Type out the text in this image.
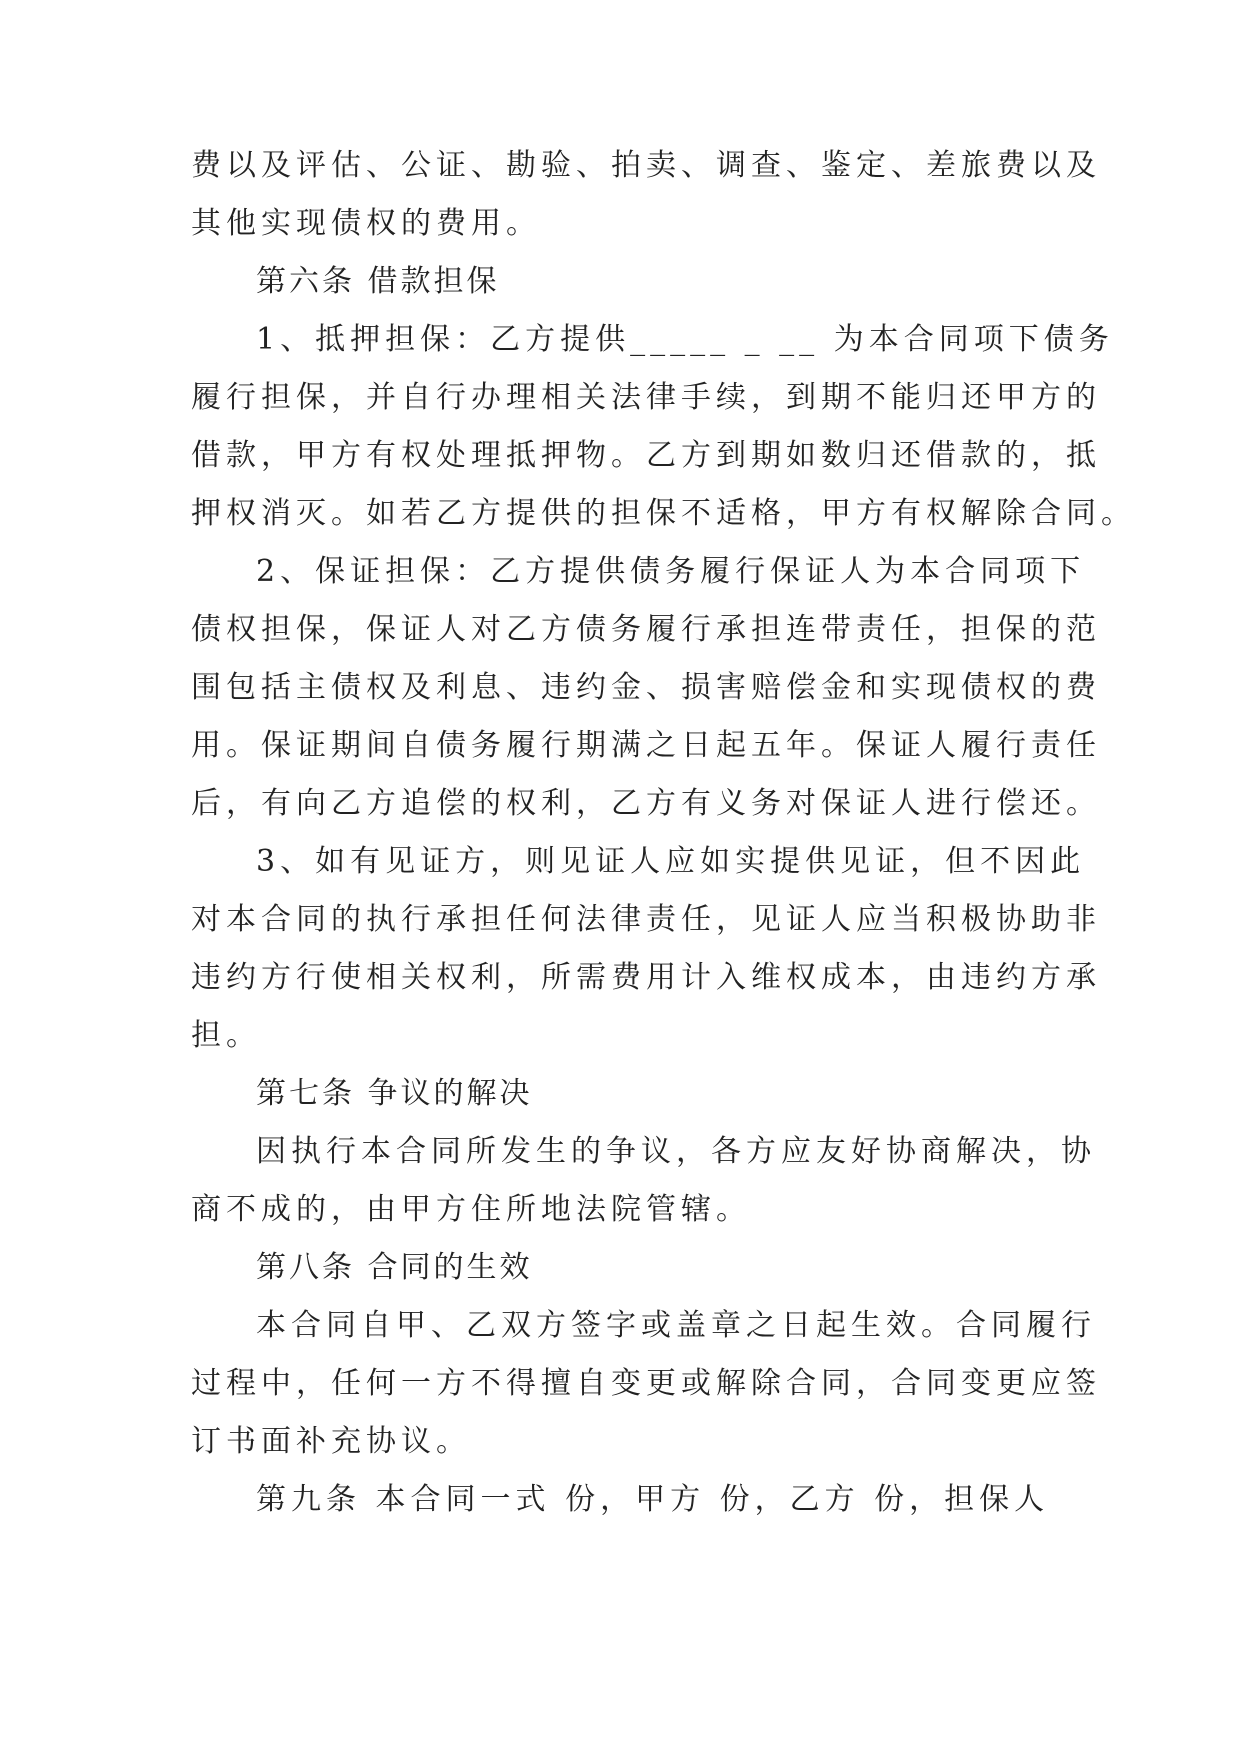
费以及评估、公证、勘验、拍卖、调查、鉴定、差旅费以及
其他实现债权的费用。
第六条 借款担保
1、抵押担保：乙方提供_____ _ __ 为本合同项下债务
履行担保，并自行办理相关法律手续，到期不能归还甲方的
借款，甲方有权处理抵押物。乙方到期如数归还借款的，抵
押权消灭。如若乙方提供的担保不适格，甲方有权解除合同。
2、保证担保：乙方提供债务履行保证人为本合同项下
债权担保，保证人对乙方债务履行承担连带责任，担保的范
围包括主债权及利息、违约金、损害赔偿金和实现债权的费
用。保证期间自债务履行期满之日起五年。保证人履行责任
后，有向乙方追偿的权利，乙方有义务对保证人进行偿还。
3、如有见证方，则见证人应如实提供见证，但不因此
对本合同的执行承担任何法律责任，见证人应当积极协助非
违约方行使相关权利，所需费用计入维权成本，由违约方承
担。
第七条 争议的解决
因执行本合同所发生的争议，各方应友好协商解决，协
商不成的，由甲方住所地法院管辖。
第八条 合同的生效
本合同自甲、乙双方签字或盖章之日起生效。合同履行
过程中，任何一方不得擅自变更或解除合同，合同变更应签
订书面补充协议。
第九条 本合同一式 份，甲方 份，乙方 份，担保人
